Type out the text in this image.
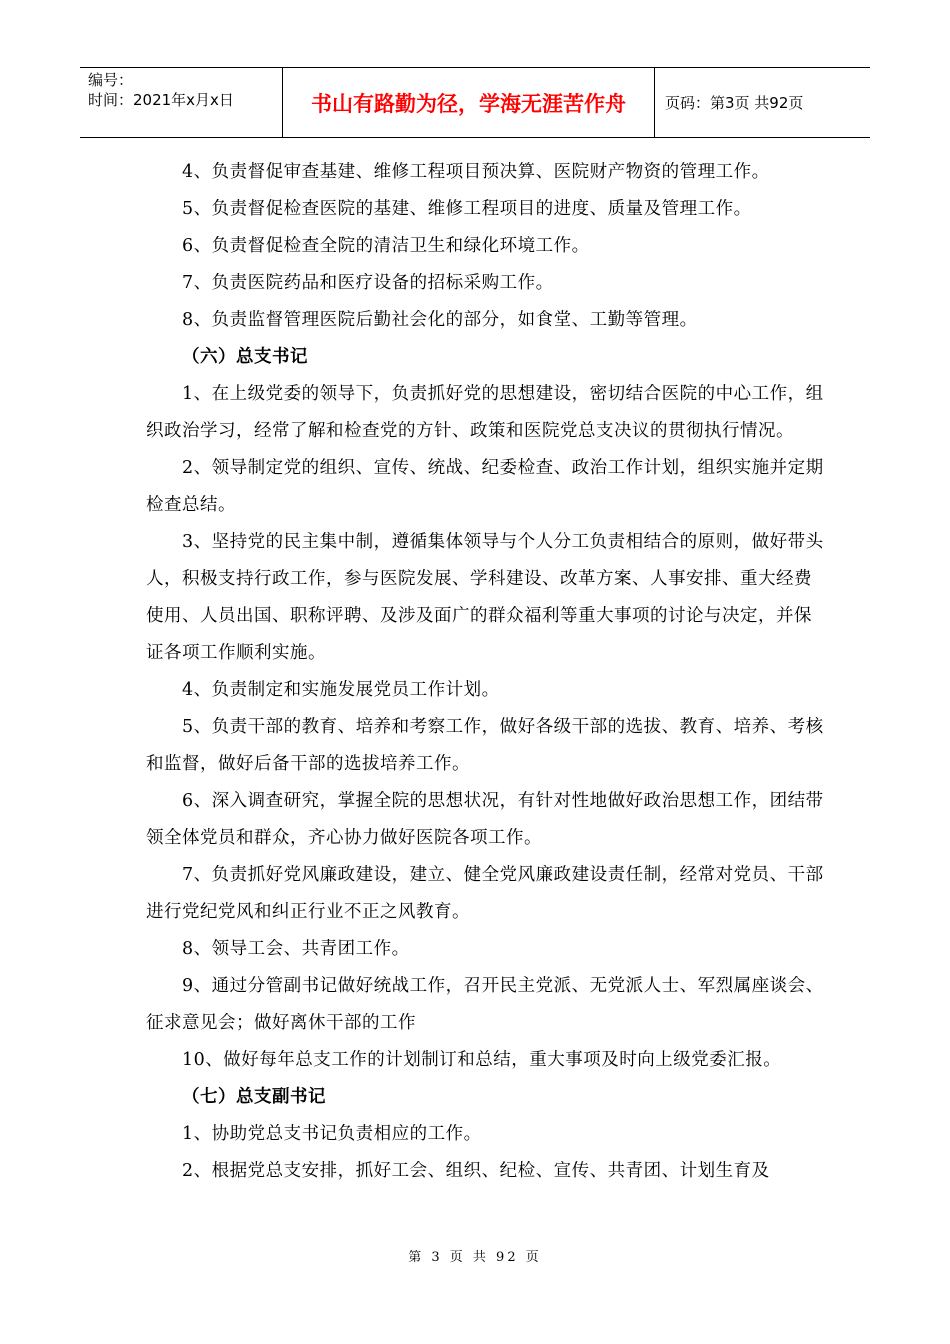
编号：
时间：2021年x月x日	书山有路勤为径，学海无涯苦作舟	页码：第3页 共92页

4、负责督促审查基建、维修工程项目预决算、医院财产物资的管理工作。

5、负责督促检查医院的基建、维修工程项目的进度、质量及管理工作。

6、负责督促检查全院的清洁卫生和绿化环境工作。

7、负责医院药品和医疗设备的招标采购工作。

8、负责监督管理医院后勤社会化的部分，如食堂、工勤等管理。

（六）总支书记

1、在上级党委的领导下，负责抓好党的思想建设，密切结合医院的中心工作，组织政治学习，经常了解和检查党的方针、政策和医院党总支决议的贯彻执行情况。

2、领导制定党的组织、宣传、统战、纪委检查、政治工作计划，组织实施并定期检查总结。

3、坚持党的民主集中制，遵循集体领导与个人分工负责相结合的原则，做好带头人，积极支持行政工作，参与医院发展、学科建设、改革方案、人事安排、重大经费使用、人员出国、职称评聘、及涉及面广的群众福利等重大事项的讨论与决定，并保证各项工作顺利实施。

4、负责制定和实施发展党员工作计划。

5、负责干部的教育、培养和考察工作，做好各级干部的选拔、教育、培养、考核和监督，做好后备干部的选拔培养工作。

6、深入调查研究，掌握全院的思想状况，有针对性地做好政治思想工作，团结带领全体党员和群众，齐心协力做好医院各项工作。

7、负责抓好党风廉政建设，建立、健全党风廉政建设责任制，经常对党员、干部进行党纪党风和纠正行业不正之风教育。

8、领导工会、共青团工作。

9、通过分管副书记做好统战工作，召开民主党派、无党派人士、军烈属座谈会、征求意见会；做好离休干部的工作

10、做好每年总支工作的计划制订和总结，重大事项及时向上级党委汇报。

（七）总支副书记

1、协助党总支书记负责相应的工作。

2、根据党总支安排，抓好工会、组织、纪检、宣传、共青团、计划生育及

第 3 页 共 92 页
